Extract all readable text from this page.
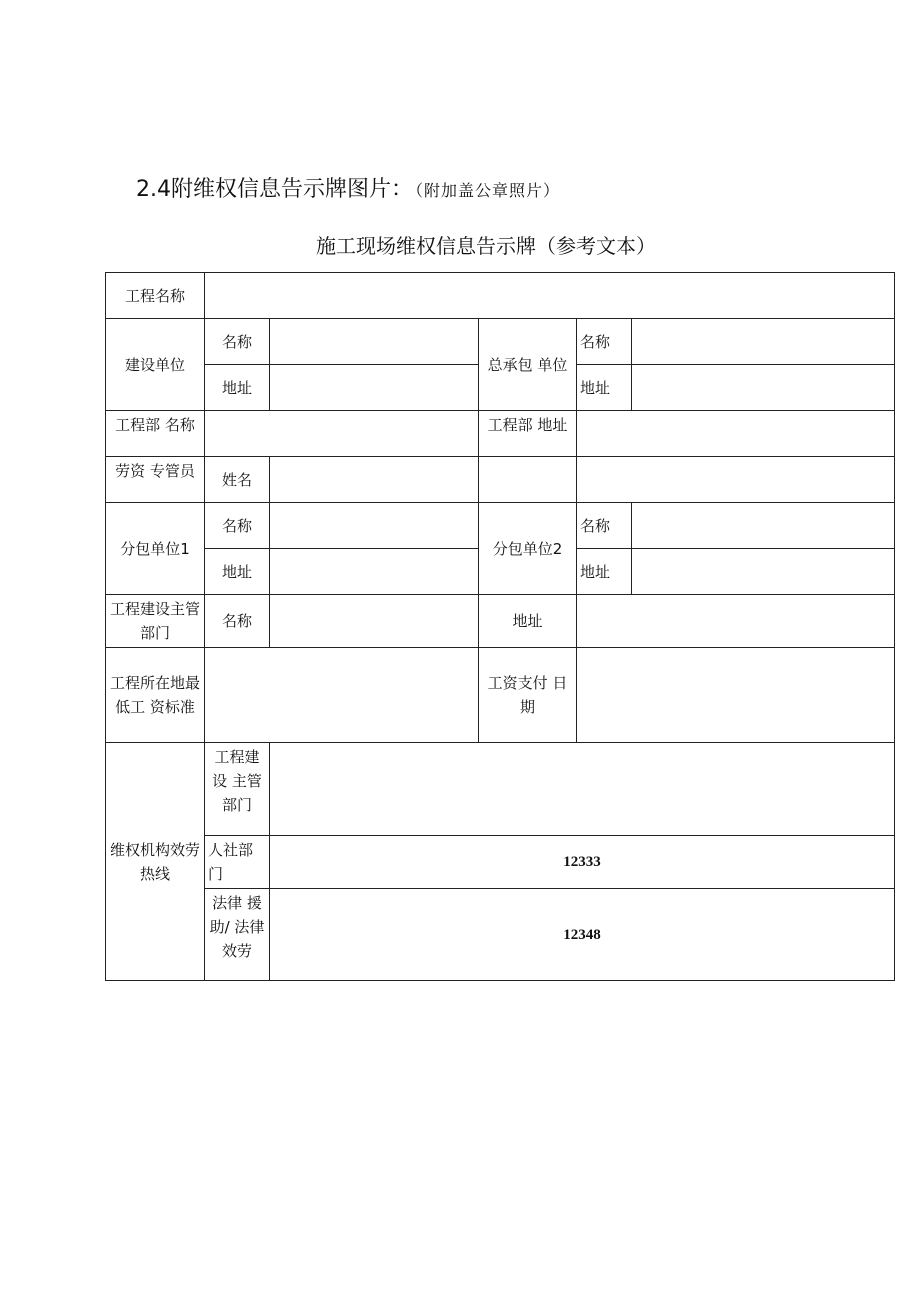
2.4附维权信息告示牌图片： （附加盖公章照片）
施工现场维权信息告示牌（参考文本）
工程名称					
建设单位	名称		总承包 单位	名称	
	地址			地址	
工程部 名称			工程部 地址		
劳资 专管员	姓名				
分包单位1	名称		分包单位2	名称	
	地址			地址	
工程建设主管部门	名称		地址		
工程所在地最低工 资标准			工资支付 日期		
维权机构效劳热线	工程建设 主管 部门				
	人社部门	12333			
	法律 援助/ 法律 效劳	12348			
